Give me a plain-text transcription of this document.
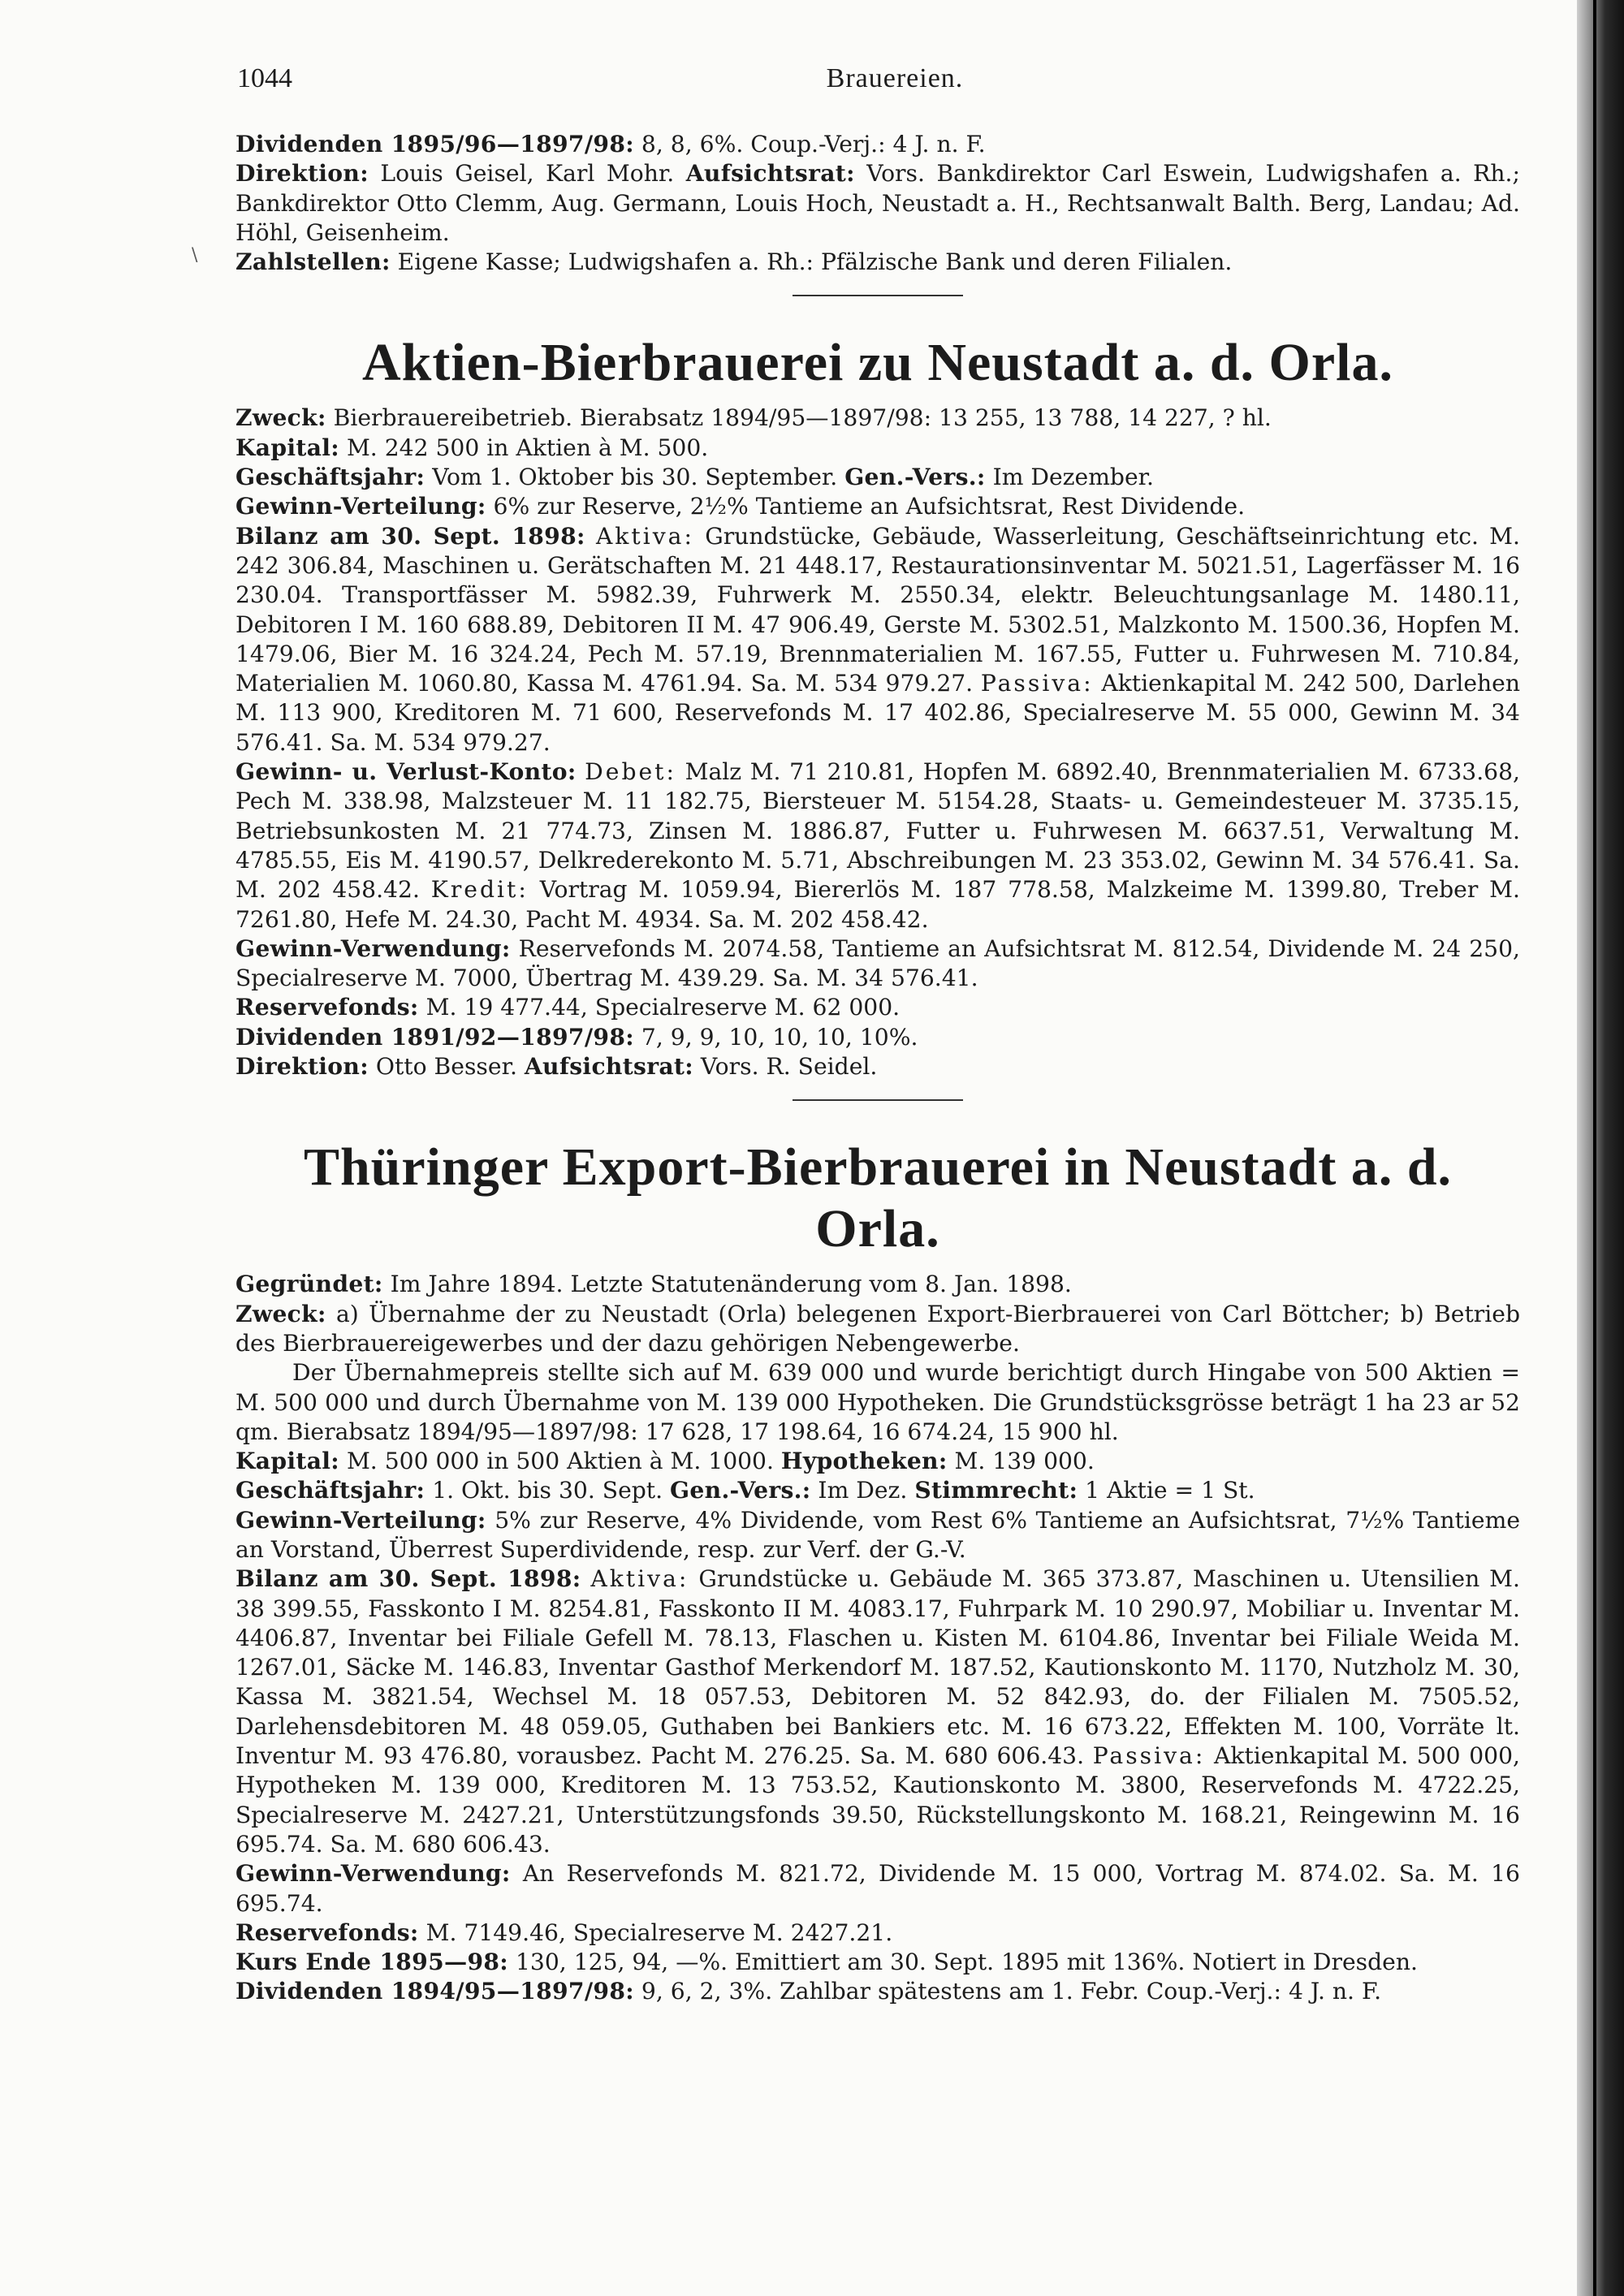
\
1044	Brauereien.

Dividenden 1895/96—1897/98: 8, 8, 6%. Coup.-Verj.: 4 J. n. F.

Direktion: Louis Geisel, Karl Mohr. Aufsichtsrat: Vors. Bankdirektor Carl Eswein, Ludwigshafen a. Rh.; Bankdirektor Otto Clemm, Aug. Germann, Louis Hoch, Neustadt a. H., Rechtsanwalt Balth. Berg, Landau; Ad. Höhl, Geisenheim.

Zahlstellen: Eigene Kasse; Ludwigshafen a. Rh.: Pfälzische Bank und deren Filialen.

Aktien-Bierbrauerei zu Neustadt a. d. Orla.

Zweck: Bierbrauereibetrieb. Bierabsatz 1894/95—1897/98: 13 255, 13 788, 14 227, ? hl.

Kapital: M. 242 500 in Aktien à M. 500.

Geschäftsjahr: Vom 1. Oktober bis 30. September. Gen.-Vers.: Im Dezember.

Gewinn-Verteilung: 6% zur Reserve, 2½% Tantieme an Aufsichtsrat, Rest Dividende.

Bilanz am 30. Sept. 1898: Aktiva: Grundstücke, Gebäude, Wasserleitung, Geschäftseinrichtung etc. M. 242 306.84, Maschinen u. Gerätschaften M. 21 448.17, Restaurationsinventar M. 5021.51, Lagerfässer M. 16 230.04. Transportfässer M. 5982.39, Fuhrwerk M. 2550.34, elektr. Beleuchtungsanlage M. 1480.11, Debitoren I M. 160 688.89, Debitoren II M. 47 906.49, Gerste M. 5302.51, Malzkonto M. 1500.36, Hopfen M. 1479.06, Bier M. 16 324.24, Pech M. 57.19, Brennmaterialien M. 167.55, Futter u. Fuhrwesen M. 710.84, Materialien M. 1060.80, Kassa M. 4761.94. Sa. M. 534 979.27. Passiva: Aktienkapital M. 242 500, Darlehen M. 113 900, Kreditoren M. 71 600, Reservefonds M. 17 402.86, Specialreserve M. 55 000, Gewinn M. 34 576.41. Sa. M. 534 979.27.

Gewinn- u. Verlust-Konto: Debet: Malz M. 71 210.81, Hopfen M. 6892.40, Brennmaterialien M. 6733.68, Pech M. 338.98, Malzsteuer M. 11 182.75, Biersteuer M. 5154.28, Staats- u. Gemeindesteuer M. 3735.15, Betriebsunkosten M. 21 774.73, Zinsen M. 1886.87, Futter u. Fuhrwesen M. 6637.51, Verwaltung M. 4785.55, Eis M. 4190.57, Delkrederekonto M. 5.71, Abschreibungen M. 23 353.02, Gewinn M. 34 576.41. Sa. M. 202 458.42. Kredit: Vortrag M. 1059.94, Biererlös M. 187 778.58, Malzkeime M. 1399.80, Treber M. 7261.80, Hefe M. 24.30, Pacht M. 4934. Sa. M. 202 458.42.

Gewinn-Verwendung: Reservefonds M. 2074.58, Tantieme an Aufsichtsrat M. 812.54, Dividende M. 24 250, Specialreserve M. 7000, Übertrag M. 439.29. Sa. M. 34 576.41.

Reservefonds: M. 19 477.44, Specialreserve M. 62 000.

Dividenden 1891/92—1897/98: 7, 9, 9, 10, 10, 10, 10%.

Direktion: Otto Besser. Aufsichtsrat: Vors. R. Seidel.

Thüringer Export-Bierbrauerei in Neustadt a. d. Orla.

Gegründet: Im Jahre 1894. Letzte Statutenänderung vom 8. Jan. 1898.

Zweck: a) Übernahme der zu Neustadt (Orla) belegenen Export-Bierbrauerei von Carl Böttcher; b) Betrieb des Bierbrauereigewerbes und der dazu gehörigen Nebengewerbe.

Der Übernahmepreis stellte sich auf M. 639 000 und wurde berichtigt durch Hingabe von 500 Aktien = M. 500 000 und durch Übernahme von M. 139 000 Hypotheken. Die Grundstücksgrösse beträgt 1 ha 23 ar 52 qm. Bierabsatz 1894/95—1897/98: 17 628, 17 198.64, 16 674.24, 15 900 hl.

Kapital: M. 500 000 in 500 Aktien à M. 1000. Hypotheken: M. 139 000.

Geschäftsjahr: 1. Okt. bis 30. Sept. Gen.-Vers.: Im Dez. Stimmrecht: 1 Aktie = 1 St.

Gewinn-Verteilung: 5% zur Reserve, 4% Dividende, vom Rest 6% Tantieme an Aufsichtsrat, 7½% Tantieme an Vorstand, Überrest Superdividende, resp. zur Verf. der G.-V.

Bilanz am 30. Sept. 1898: Aktiva: Grundstücke u. Gebäude M. 365 373.87, Maschinen u. Utensilien M. 38 399.55, Fasskonto I M. 8254.81, Fasskonto II M. 4083.17, Fuhrpark M. 10 290.97, Mobiliar u. Inventar M. 4406.87, Inventar bei Filiale Gefell M. 78.13, Flaschen u. Kisten M. 6104.86, Inventar bei Filiale Weida M. 1267.01, Säcke M. 146.83, Inventar Gasthof Merkendorf M. 187.52, Kautionskonto M. 1170, Nutzholz M. 30, Kassa M. 3821.54, Wechsel M. 18 057.53, Debitoren M. 52 842.93, do. der Filialen M. 7505.52, Darlehensdebitoren M. 48 059.05, Guthaben bei Bankiers etc. M. 16 673.22, Effekten M. 100, Vorräte lt. Inventur M. 93 476.80, vorausbez. Pacht M. 276.25. Sa. M. 680 606.43. Passiva: Aktienkapital M. 500 000, Hypotheken M. 139 000, Kreditoren M. 13 753.52, Kautionskonto M. 3800, Reservefonds M. 4722.25, Specialreserve M. 2427.21, Unterstützungsfonds 39.50, Rückstellungskonto M. 168.21, Reingewinn M. 16 695.74. Sa. M. 680 606.43.

Gewinn-Verwendung: An Reservefonds M. 821.72, Dividende M. 15 000, Vortrag M. 874.02. Sa. M. 16 695.74.

Reservefonds: M. 7149.46, Specialreserve M. 2427.21.

Kurs Ende 1895—98: 130, 125, 94, —%. Emittiert am 30. Sept. 1895 mit 136%. Notiert in Dresden.

Dividenden 1894/95—1897/98: 9, 6, 2, 3%. Zahlbar spätestens am 1. Febr. Coup.-Verj.: 4 J. n. F.
